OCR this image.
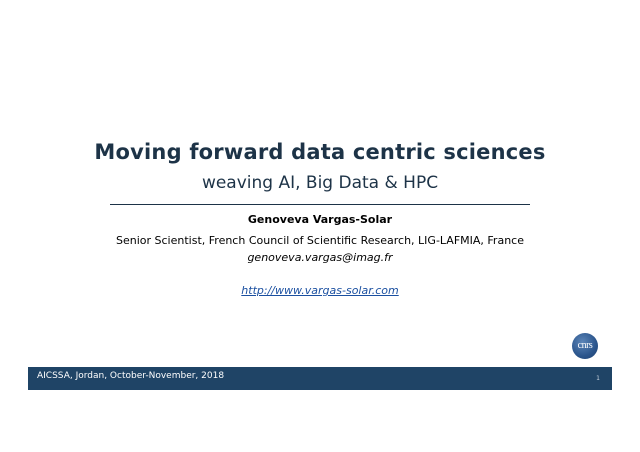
Moving forward data centric sciences
weaving AI, Big Data & HPC
Genoveva Vargas-Solar
Senior Scientist, French Council of Scientific Research, LIG-LAFMIA, France
genoveva.vargas@imag.fr
http://www.vargas-solar.com
cnrs
AICSSA, Jordan, October-November, 2018	1
